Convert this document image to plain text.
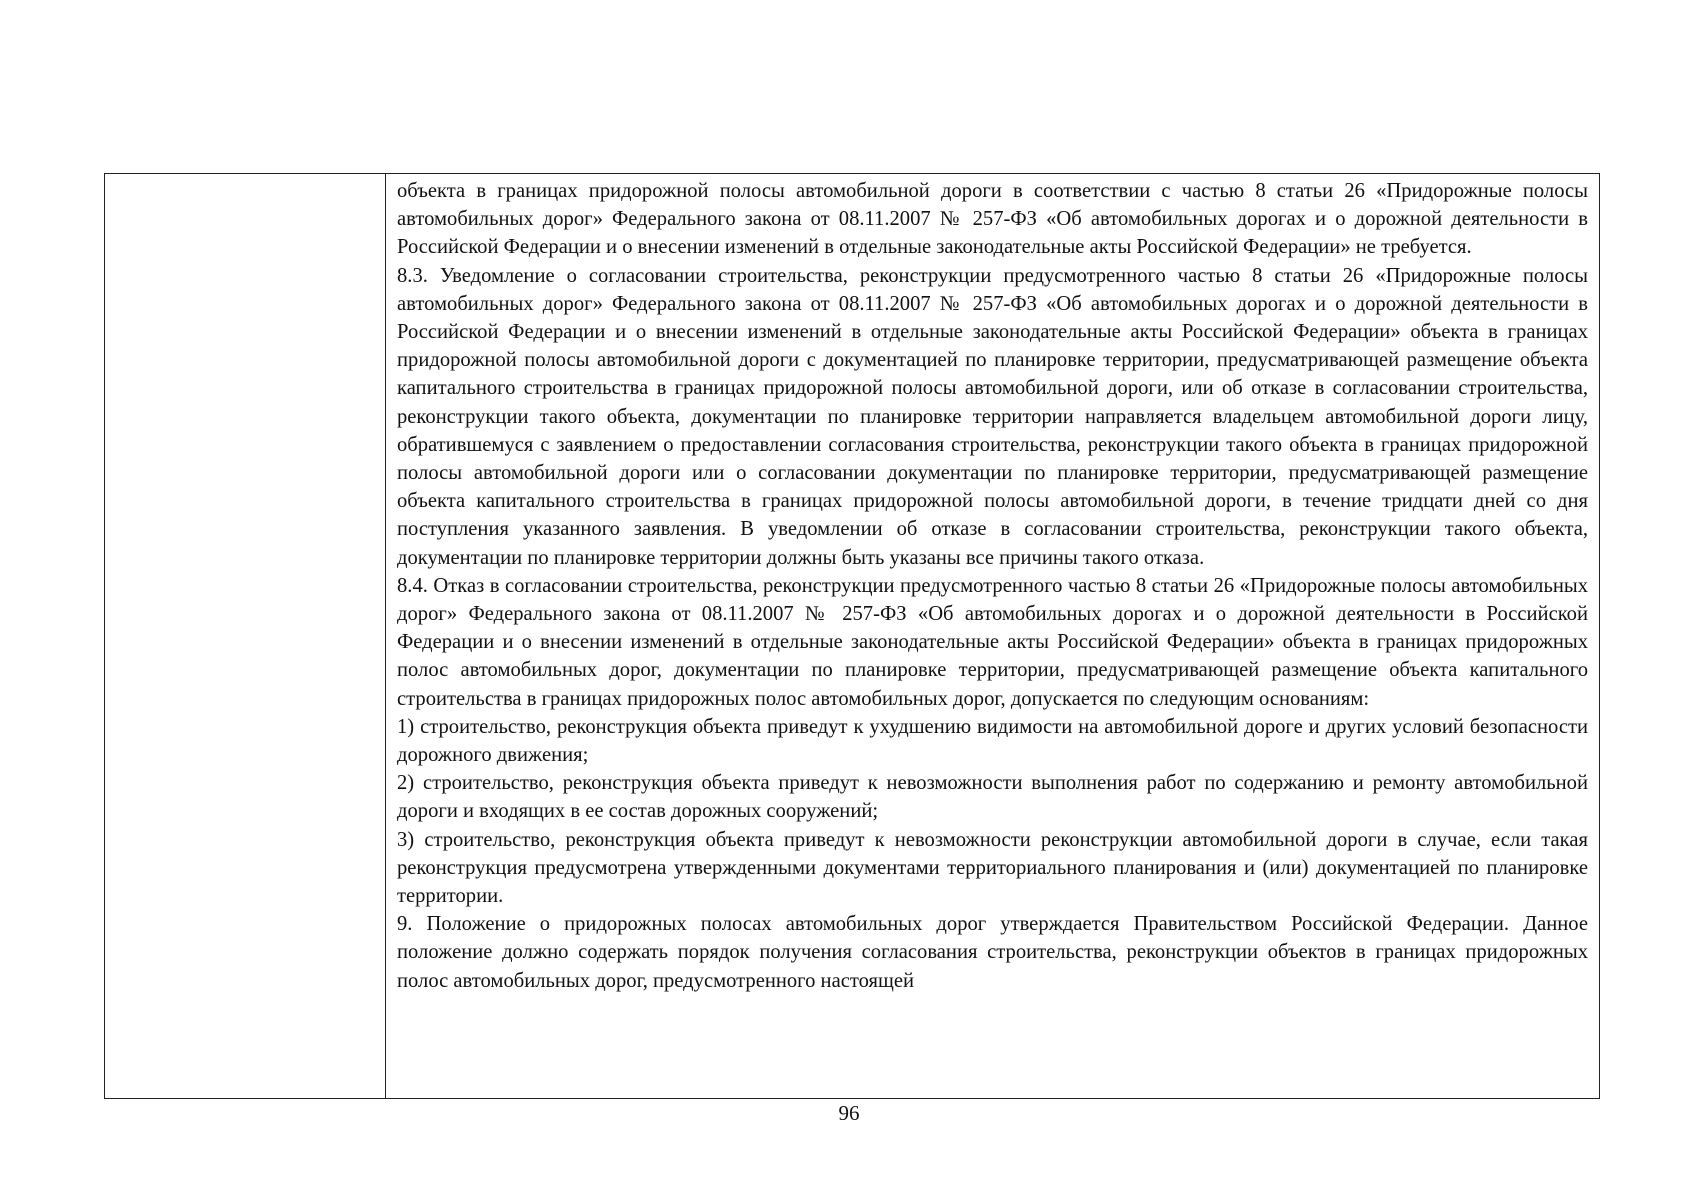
объекта в границах придорожной полосы автомобильной дороги в соответствии с частью 8 статьи 26 «Придорожные полосы автомобильных дорог» Федерального закона от 08.11.2007 № 257-ФЗ «Об автомобильных дорогах и о дорожной деятельности в Российской Федерации и о внесении изменений в отдельные законодательные акты Российской Федерации» не требуется.

8.3. Уведомление о согласовании строительства, реконструкции предусмотренного частью 8 статьи 26 «Придорожные полосы автомобильных дорог» Федерального закона от 08.11.2007 № 257-ФЗ «Об автомобильных дорогах и о дорожной деятельности в Российской Федерации и о внесении изменений в отдельные законодательные акты Российской Федерации» объекта в границах придорожной полосы автомобильной дороги с документацией по планировке территории, предусматривающей размещение объекта капитального строительства в границах придорожной полосы автомобильной дороги, или об отказе в согласовании строительства, реконструкции такого объекта, документации по планировке территории направляется владельцем автомобильной дороги лицу, обратившемуся с заявлением о предоставлении согласования строительства, реконструкции такого объекта в границах придорожной полосы автомобильной дороги или о согласовании документации по планировке территории, предусматривающей размещение объекта капитального строительства в границах придорожной полосы автомобильной дороги, в течение тридцати дней со дня поступления указанного заявления. В уведомлении об отказе в согласовании строительства, реконструкции такого объекта, документации по планировке территории должны быть указаны все причины такого отказа.

8.4. Отказ в согласовании строительства, реконструкции предусмотренного частью 8 статьи 26 «Придорожные полосы автомобильных дорог» Федерального закона от 08.11.2007 № 257-ФЗ «Об автомобильных дорогах и о дорожной деятельности в Российской Федерации и о внесении изменений в отдельные законодательные акты Российской Федерации» объекта в границах придорожных полос автомобильных дорог, документации по планировке территории, предусматривающей размещение объекта капитального строительства в границах придорожных полос автомобильных дорог, допускается по следующим основаниям:

1) строительство, реконструкция объекта приведут к ухудшению видимости на автомобильной дороге и других условий безопасности дорожного движения;

2) строительство, реконструкция объекта приведут к невозможности выполнения работ по содержанию и ремонту автомобильной дороги и входящих в ее состав дорожных сооружений;

3) строительство, реконструкция объекта приведут к невозможности реконструкции автомобильной дороги в случае, если такая реконструкция предусмотрена утвержденными документами территориального планирования и (или) документацией по планировке территории.

9. Положение о придорожных полосах автомобильных дорог утверждается Правительством Российской Федерации. Данное положение должно содержать порядок получения согласования строительства, реконструкции объектов в границах придорожных полос автомобильных дорог, предусмотренного настоящей

96
